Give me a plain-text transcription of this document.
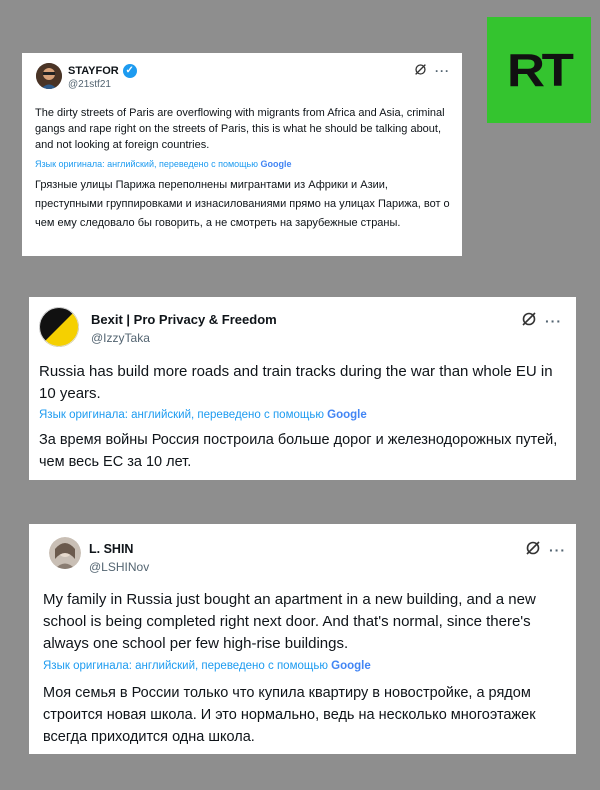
RT
STAYFOR ✓
@21stf21
···
The dirty streets of Paris are overflowing with migrants from Africa and Asia, criminal gangs and rape right on the streets of Paris, this is what he should be talking about, and not looking at foreign countries.
Язык оригинала: английский, переведено с помощью Google
Грязные улицы Парижа переполнены мигрантами из Африки и Азии, преступными группировками и изнасилованиями прямо на улицах Парижа, вот о чем ему следовало бы говорить, а не смотреть на зарубежные страны.
Bexit | Pro Privacy & Freedom
@IzzyTaka
···
Russia has build more roads and train tracks during the war than whole EU in 10 years.
Язык оригинала: английский, переведено с помощью Google
За время войны Россия построила больше дорог и железнодорожных путей, чем весь ЕС за 10 лет.
L. SHIN
@LSHINov
···
My family in Russia just bought an apartment in a new building, and a new school is being completed right next door. And that's normal, since there's always one school per few high-rise buildings.
Язык оригинала: английский, переведено с помощью Google
Моя семья в России только что купила квартиру в новостройке, а рядом строится новая школа. И это нормально, ведь на несколько многоэтажек всегда приходится одна школа.
